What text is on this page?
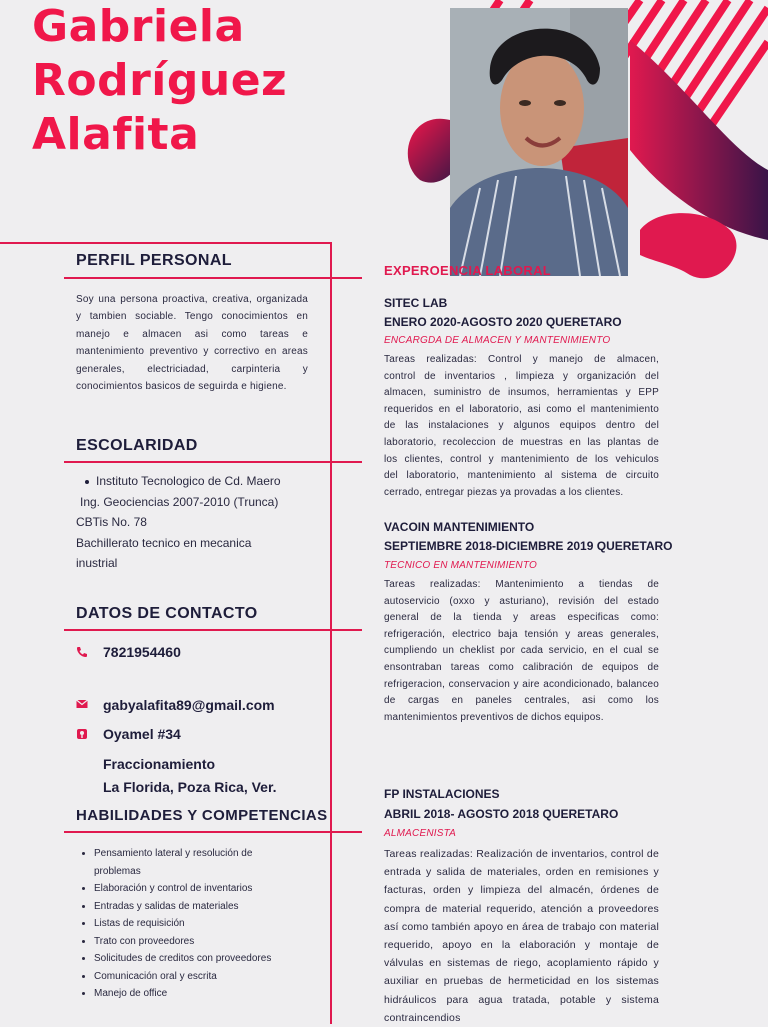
Gabriela
Rodríguez
Alafita
PERFIL PERSONAL
Soy una persona proactiva, creativa, organizada
y tambien sociable. Tengo conocimientos en
manejo e almacen asi como tareas e
mantenimiento preventivo y correctivo en areas
generales, electriciadad, carpinteria y
conocimientos basicos de seguirda e higiene.
ESCOLARIDAD
Instituto Tecnologico de Cd. Maero
Ing. Geociencias 2007-2010 (Trunca)
CBTis No. 78
Bachillerato tecnico en mecanica
inustrial
DATOS DE CONTACTO
7821954460
gabyalafita89@gmail.com
Oyamel #34
Fraccionamiento
La Florida, Poza Rica, Ver.
HABILIDADES Y COMPETENCIAS
• Pensamiento lateral y resolución de
problemas
• Elaboración y control de inventarios
• Entradas y salidas de materiales
• Listas de requisición
• Trato con proveedores
• Solicitudes de creditos con proveedores
• Comunicación oral y escrita
• Manejo de office
EXPEROENCIA LABORAL
SITEC LAB
ENERO 2020-AGOSTO 2020 QUERETARO
ENCARGDA DE ALMACEN Y MANTENIMIENTO
Tareas realizadas: Control y manejo de almacen,
control de inventarios , limpieza y organización del
almacen, suministro de insumos, herramientas y EPP
requeridos en el laboratorio, asi como el mantenimiento
de las instalaciones y algunos equipos dentro del
laboratorio, recoleccion de muestras en las plantas de
los clientes, control y mantenimiento de los vehiculos
del laboratorio, mantenimiento al sistema de circuito
cerrado, entregar piezas ya provadas a los clientes.
VACOIN MANTENIMIENTO
SEPTIEMBRE 2018-DICIEMBRE 2019 QUERETARO
TECNICO EN MANTENIMIENTO
Tareas realizadas: Mantenimiento a tiendas de
autoservicio (oxxo y asturiano), revisión del estado
general de la tienda y areas especificas como:
refrigeración, electrico baja tensión y areas generales,
cumpliendo un cheklist por cada servicio, en el cual se
ensontraban tareas como calibración de equipos de
refrigeracion, conservacion y aire acondicionado, balanceo
de cargas en paneles centrales, asi como los
mantenimientos preventivos de dichos equipos.
FP INSTALACIONES
ABRIL 2018- AGOSTO 2018 QUERETARO
ALMACENISTA
Tareas realizadas: Realización de inventarios, control de
entrada y salida de materiales, orden en remisiones y
facturas, orden y limpieza del almacén, órdenes de
compra de material requerido, atención a proveedores
así como también apoyo en área de trabajo con material
requerido, apoyo en la elaboración y montaje de
válvulas en sistemas de riego, acoplamiento rápido y
auxiliar en pruebas de hermeticidad en los sistemas
hidráulicos para agua tratada, potable y sistema
contraincendios
